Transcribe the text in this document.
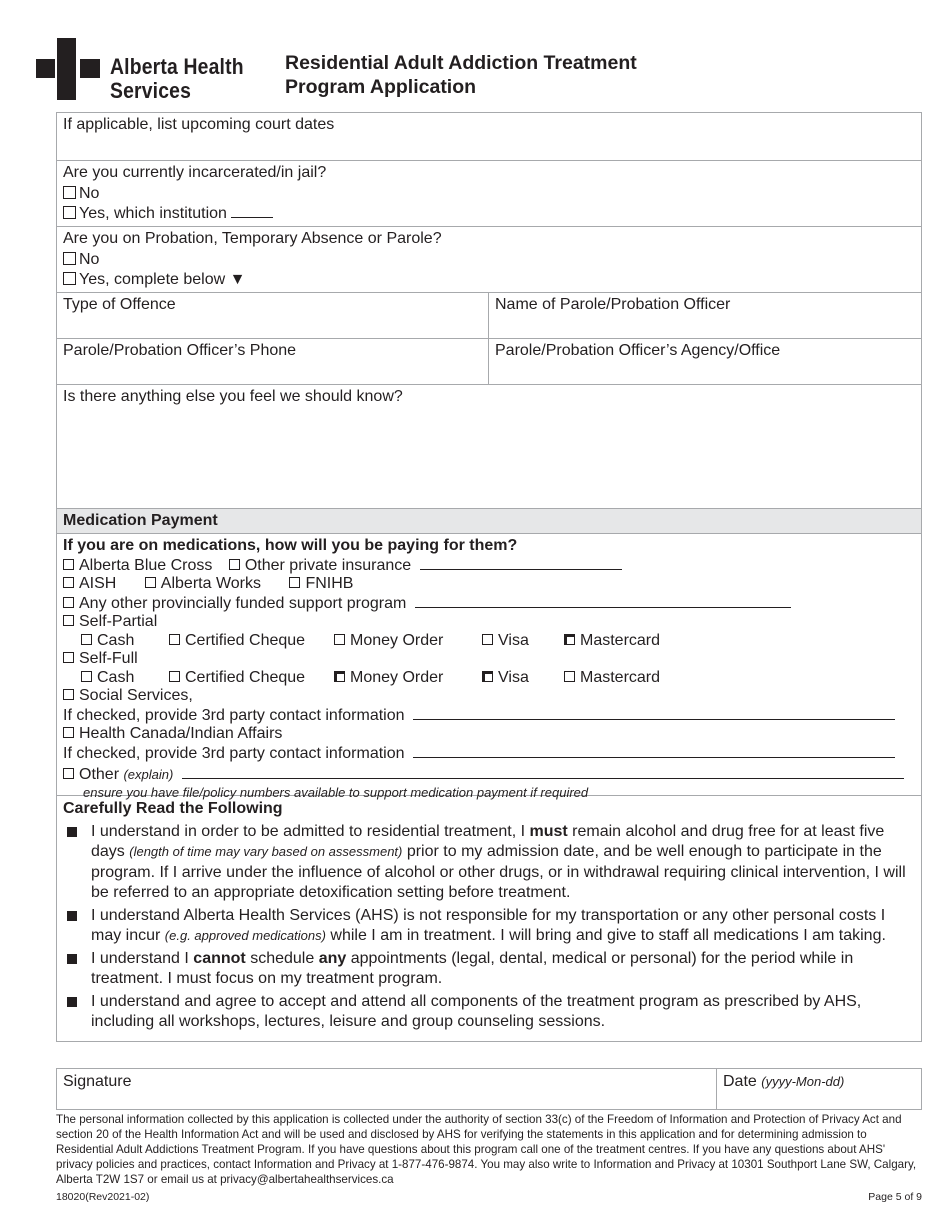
Alberta Health
Services
Residential Adult Addiction Treatment
Program Application
If applicable, list upcoming court dates
Are you currently incarcerated/in jail?
No
Yes, which institution
Are you on Probation, Temporary Absence or Parole?
No
Yes, complete below ▼
Type of Offence	Name of Parole/Probation Officer
Parole/Probation Officer’s Phone	Parole/Probation Officer’s Agency/Office
Is there anything else you feel we should know?
Medication Payment
If you are on medications, how will you be paying for them?
Alberta Blue Cross Other private insurance
AISH	Alberta Works	FNIHB
Any other provincially funded support program
Self-Partial
Cash	Certified Cheque	Money Order	Visa	Mastercard
Self-Full
Cash	Certified Cheque	Money Order	Visa	Mastercard
Social Services,
If checked, provide 3rd party contact information
Health Canada/Indian Affairs
If checked, provide 3rd party contact information
Other (explain)
ensure you have file/policy numbers available to support medication payment if required
Carefully Read the Following
I understand in order to be admitted to residential treatment, I must remain alcohol and drug free for at least five days (length of time may vary based on assessment) prior to my admission date, and be well enough to participate in the program. If I arrive under the influence of alcohol or other drugs, or in withdrawal requiring clinical intervention, I will be referred to an appropriate detoxification setting before treatment.
I understand Alberta Health Services (AHS) is not responsible for my transportation or any other personal costs I may incur (e.g. approved medications) while I am in treatment. I will bring and give to staff all medications I am taking.
I understand I cannot schedule any appointments (legal, dental, medical or personal) for the period while in treatment. I must focus on my treatment program.
I understand and agree to accept and attend all components of the treatment program as prescribed by AHS, including all workshops, lectures, leisure and group counseling sessions.
Signature	Date (yyyy-Mon-dd)
The personal information collected by this application is collected under the authority of section 33(c) of the Freedom of Information and Protection of Privacy Act and section 20 of the Health Information Act and will be used and disclosed by AHS for verifying the statements in this application and for determining admission to Residential Adult Addictions Treatment Program. If you have questions about this program call one of the treatment centres. If you have any questions about AHS' privacy policies and practices, contact Information and Privacy at 1-877-476-9874. You may also write to Information and Privacy at 10301 Southport Lane SW, Calgary, Alberta T2W 1S7 or email us at privacy@albertahealthservices.ca
18020(Rev2021-02)	Page 5 of 9
